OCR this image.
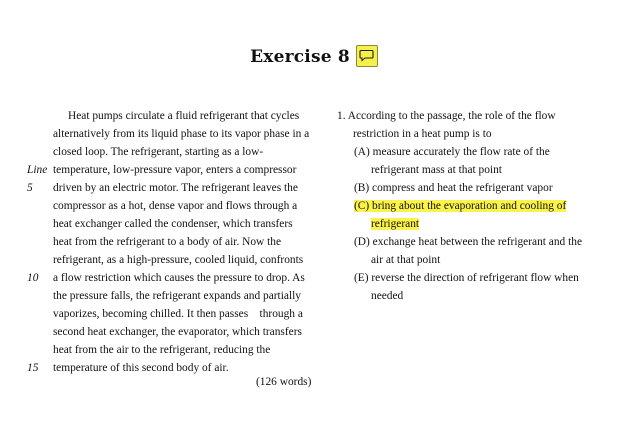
Exercise 8
Heat pumps circulate a fluid refrigerant that cycles
alternatively from its liquid phase to its vapor phase in a
closed loop. The refrigerant, starting as a low-
Line temperature, low-pressure vapor, enters a compressor
5 driven by an electric motor. The refrigerant leaves the
compressor as a hot, dense vapor and flows through a
heat exchanger called the condenser, which transfers
heat from the refrigerant to a body of air. Now the
refrigerant, as a high-pressure, cooled liquid, confronts
10 a flow restriction which causes the pressure to drop. As
the pressure falls, the refrigerant expands and partially
vaporizes, becoming chilled. It then passes    through a
second heat exchanger, the evaporator, which transfers
heat from the air to the refrigerant, reducing the
15 temperature of this second body of air.
(126 words)
1. According to the passage, the role of the flow
restriction in a heat pump is to
(A) measure accurately the flow rate of the
refrigerant mass at that point
(B) compress and heat the refrigerant vapor
(C) bring about the evaporation and cooling of
refrigerant
(D) exchange heat between the refrigerant and the
air at that point
(E) reverse the direction of refrigerant flow when
needed
